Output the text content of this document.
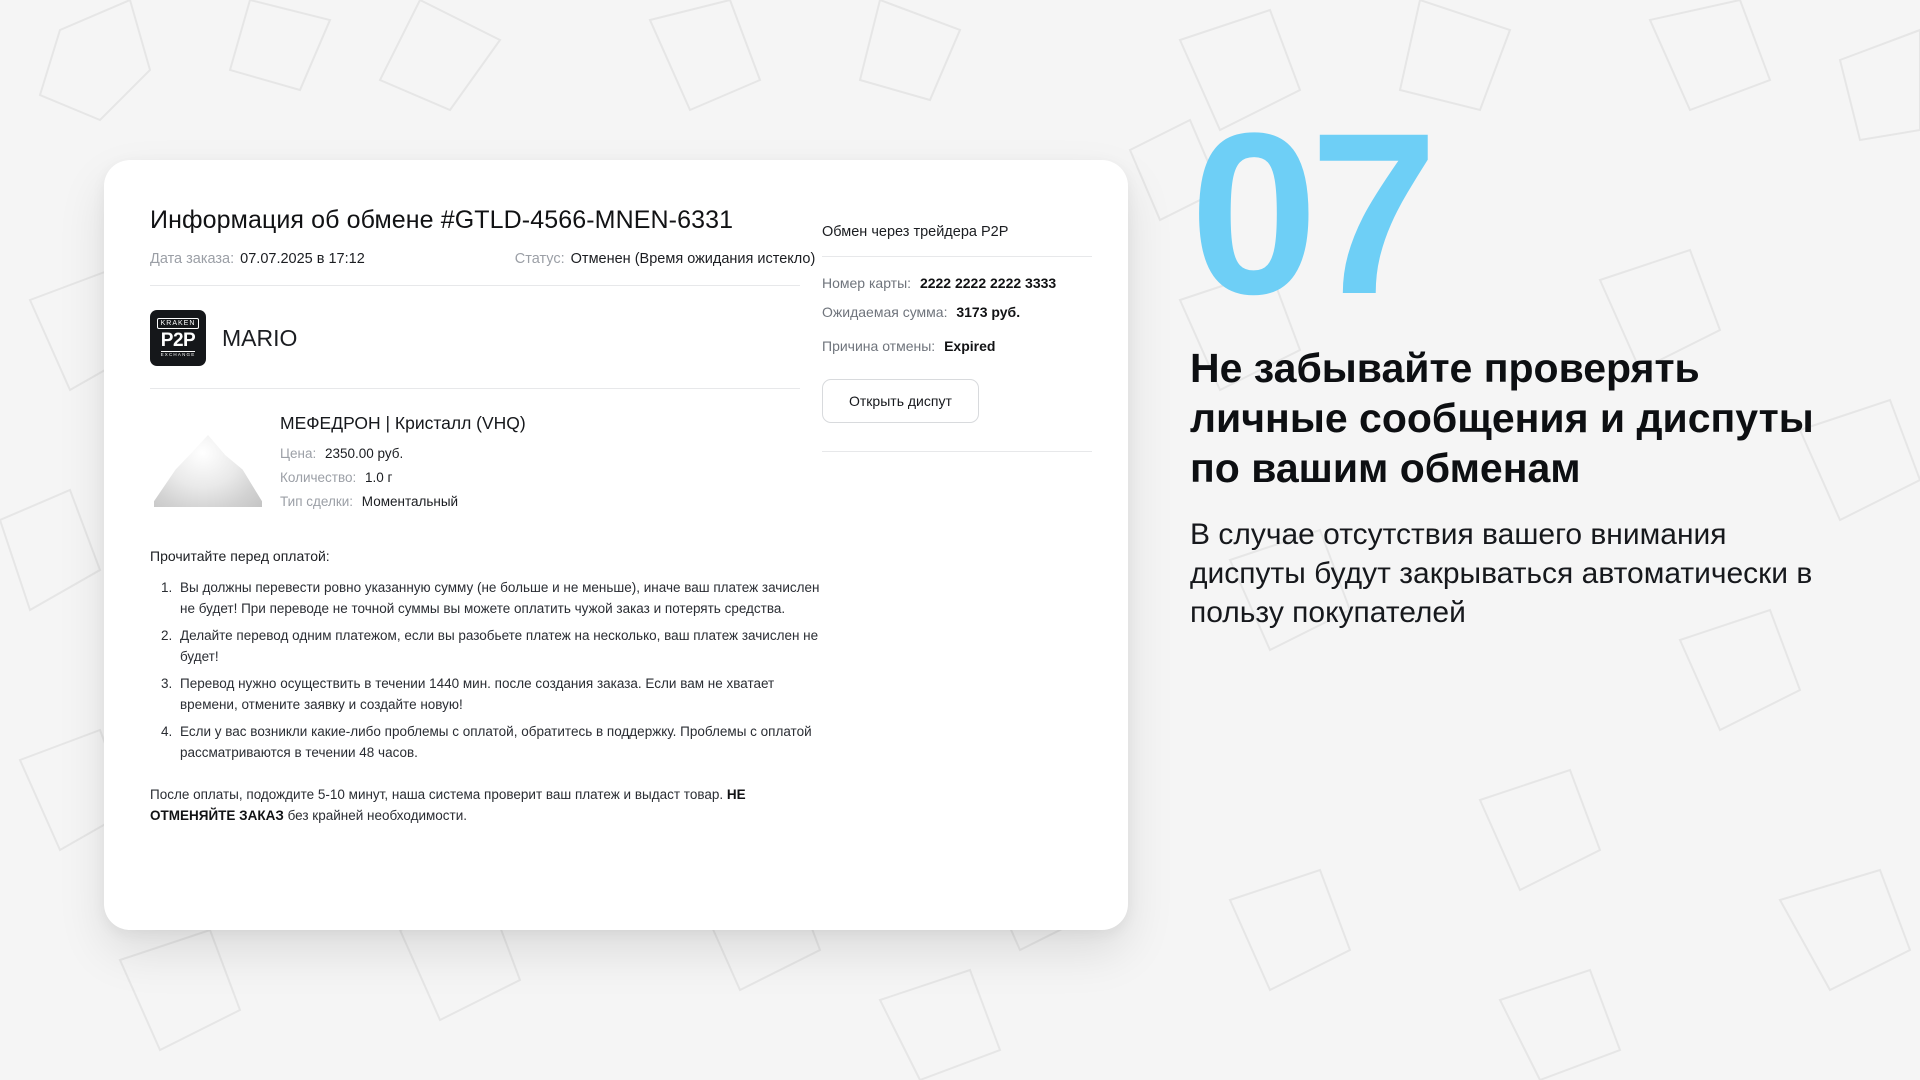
Информация об обмене #GTLD-4566-MNEN-6331
Дата заказа: 07.07.2025 в 17:12	Статус: Отменен (Время ожидания истекло)
KRAKEN
P2P
EXCHANGE
MARIO
МЕФЕДРОН | Кристалл (VHQ)
Цена: 2350.00 руб.
Количество: 1.0 г
Тип сделки: Моментальный
Прочитайте перед оплатой:
1. Вы должны перевести ровно указанную сумму (не больше и не меньше), иначе ваш платеж зачислен не будет! При переводе не точной суммы вы можете оплатить чужой заказ и потерять средства.
2. Делайте перевод одним платежом, если вы разобьете платеж на несколько, ваш платеж зачислен не будет!
3. Перевод нужно осуществить в течении 1440 мин. после создания заказа. Если вам не хватает времени, отмените заявку и создайте новую!
4. Если у вас возникли какие-либо проблемы с оплатой, обратитесь в поддержку. Проблемы с оплатой рассматриваются в течении 48 часов.
После оплаты, подождите 5-10 минут, наша система проверит ваш платеж и выдаст товар. НЕ ОТМЕНЯЙТЕ ЗАКАЗ без крайней необходимости.
Обмен через трейдера P2P
Номер карты: 2222 2222 2222 3333
Ожидаемая сумма: 3173 руб.
Причина отмены: Expired
Открыть диспут
07
Не забывайте проверять личные сообщения и диспуты по вашим обменам
В случае отсутствия вашего внимания диспуты будут закрываться автоматически в пользу покупателей
